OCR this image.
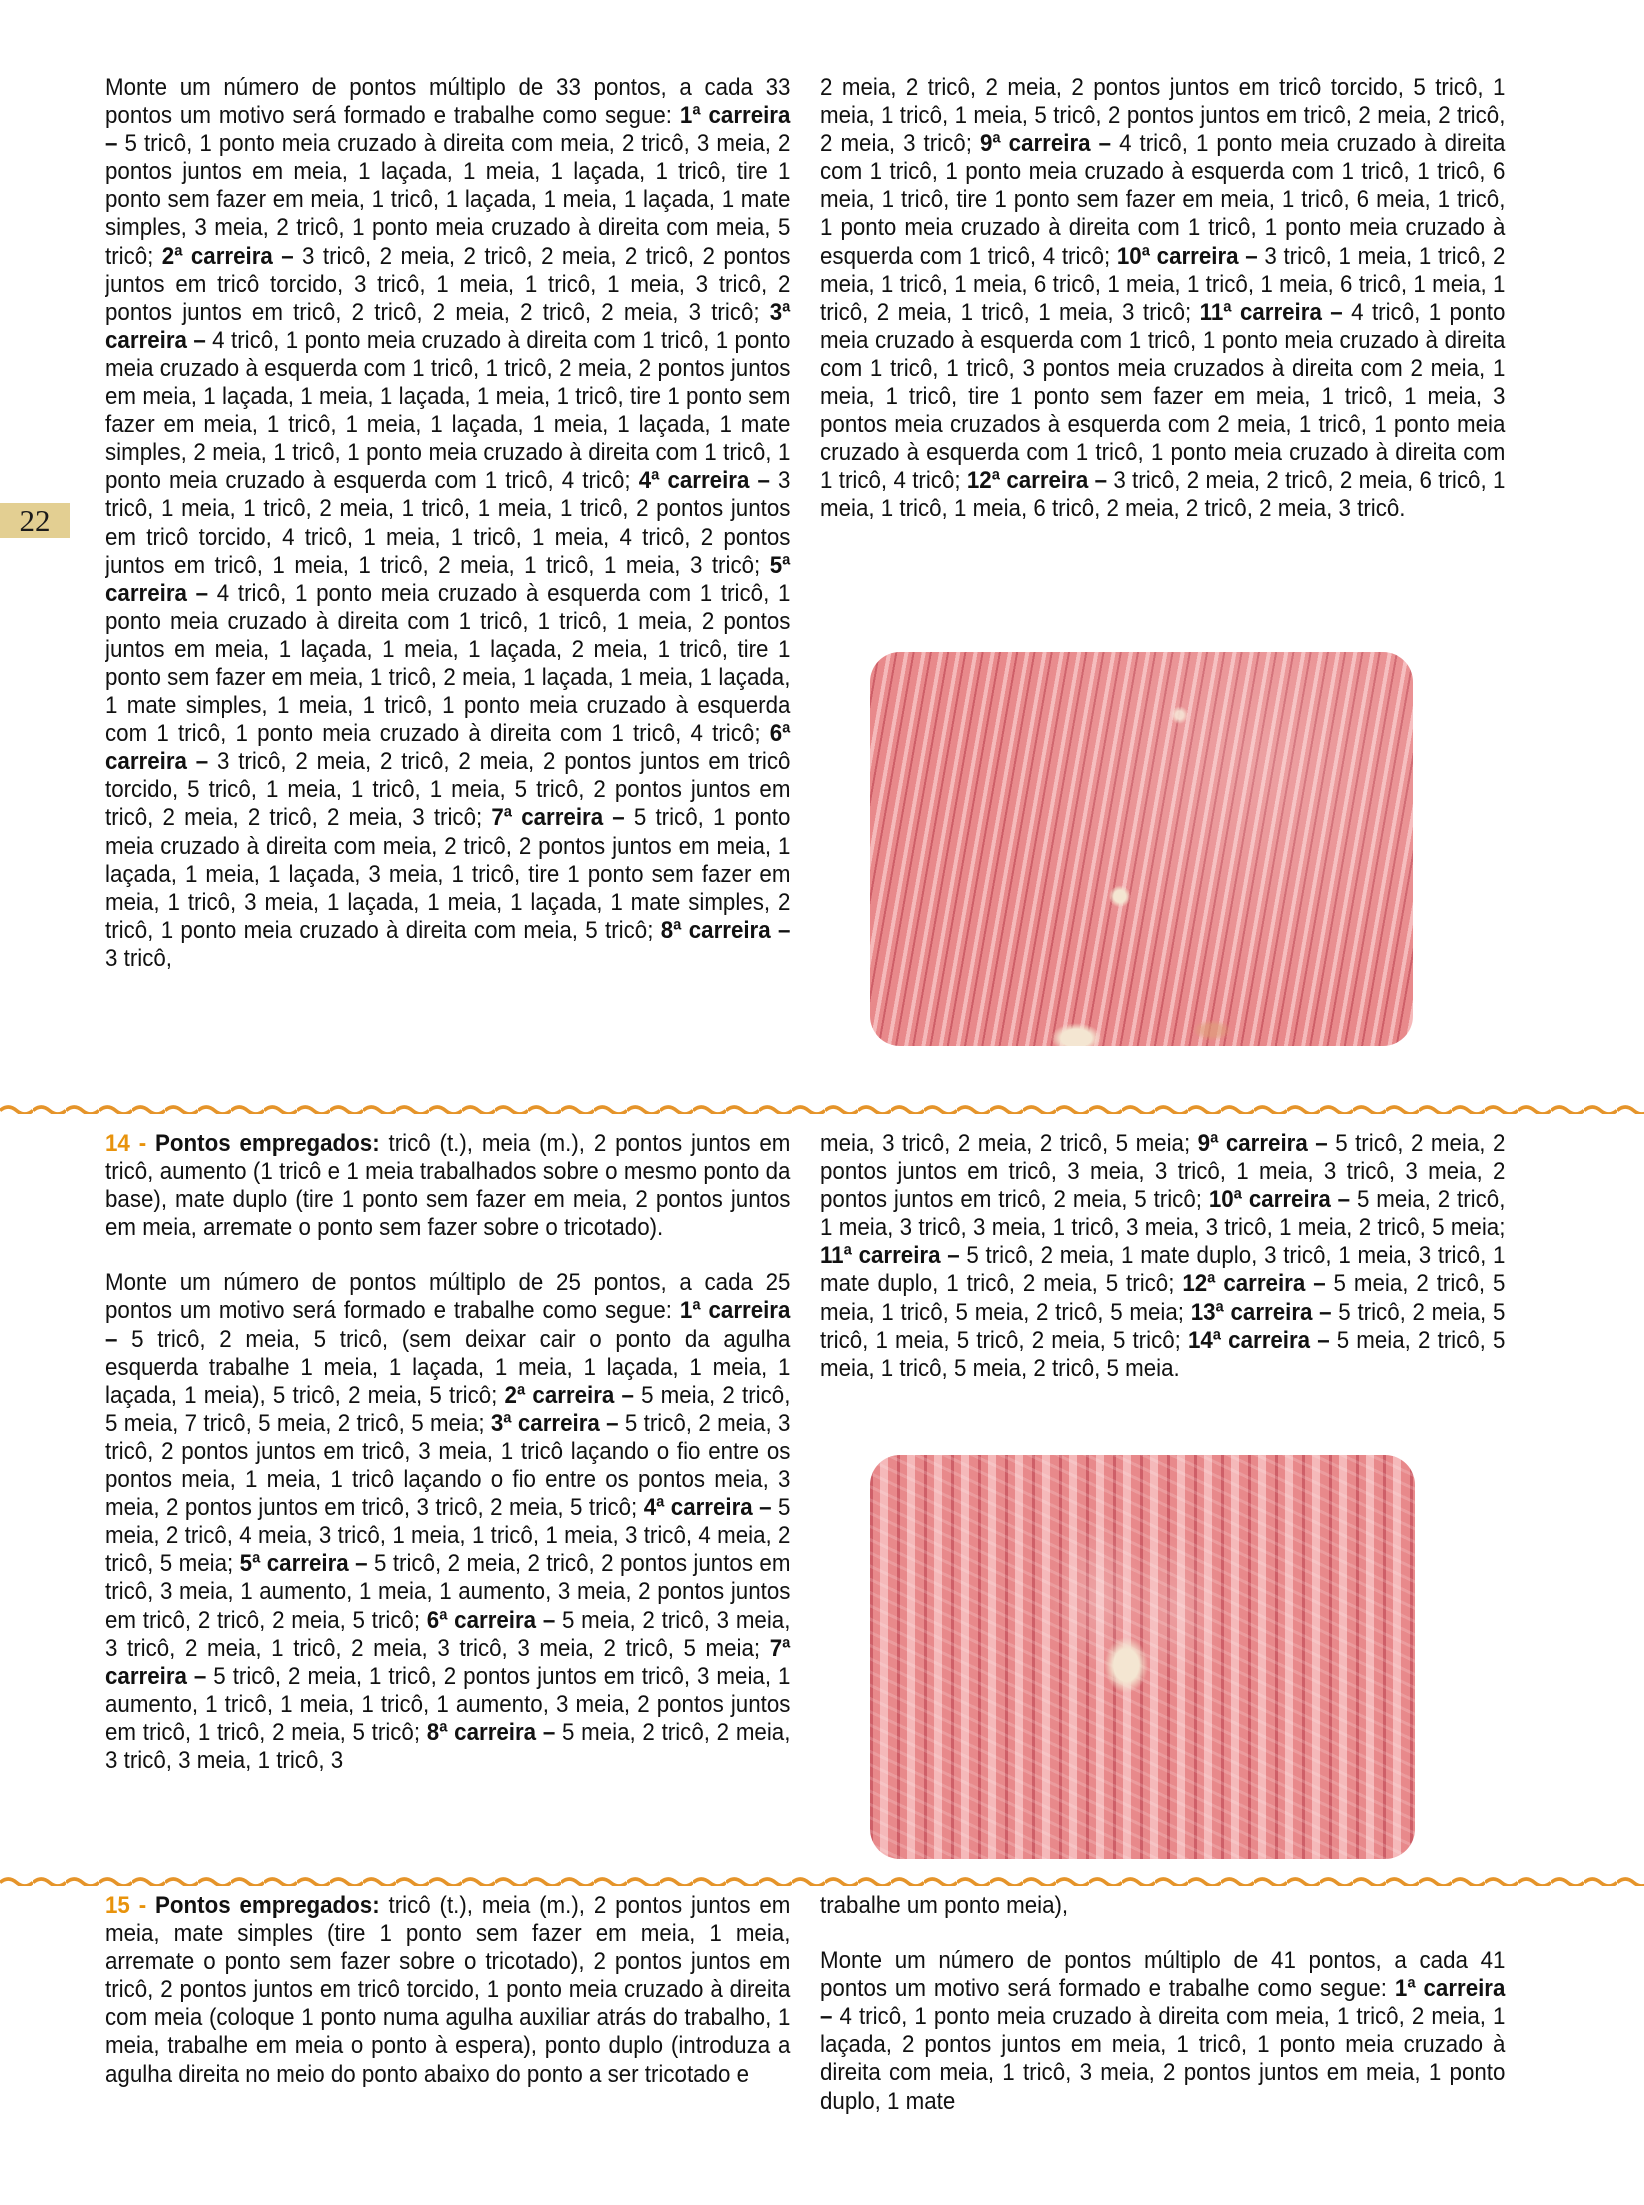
22

Monte um número de pontos múltiplo de 33 pontos, a cada 33 pontos um motivo será formado e trabalhe como segue: 1ª carreira – 5 tricô, 1 ponto meia cruzado à direita com meia, 2 tricô, 3 meia, 2 pontos juntos em meia, 1 laçada, 1 meia, 1 laçada, 1 tricô, tire 1 ponto sem fazer em meia, 1 tricô, 1 laçada, 1 meia, 1 laçada, 1 mate simples, 3 meia, 2 tricô, 1 ponto meia cruzado à direita com meia, 5 tricô; 2ª carreira – 3 tricô, 2 meia, 2 tricô, 2 meia, 2 tricô, 2 pontos juntos em tricô torcido, 3 tricô, 1 meia, 1 tricô, 1 meia, 3 tricô, 2 pontos juntos em tricô, 2 tricô, 2 meia, 2 tricô, 2 meia, 3 tricô; 3ª carreira – 4 tricô, 1 ponto meia cruzado à direita com 1 tricô, 1 ponto meia cruzado à esquerda com 1 tricô, 1 tricô, 2 meia, 2 pontos juntos em meia, 1 laçada, 1 meia, 1 laçada, 1 meia, 1 tricô, tire 1 ponto sem fazer em meia, 1 tricô, 1 meia, 1 laçada, 1 meia, 1 laçada, 1 mate simples, 2 meia, 1 tricô, 1 ponto meia cruzado à direita com 1 tricô, 1 ponto meia cruzado à esquerda com 1 tricô, 4 tricô; 4ª carreira – 3 tricô, 1 meia, 1 tricô, 2 meia, 1 tricô, 1 meia, 1 tricô, 2 pontos juntos em tricô torcido, 4 tricô, 1 meia, 1 tricô, 1 meia, 4 tricô, 2 pontos juntos em tricô, 1 meia, 1 tricô, 2 meia, 1 tricô, 1 meia, 3 tricô; 5ª carreira – 4 tricô, 1 ponto meia cruzado à esquerda com 1 tricô, 1 ponto meia cruzado à direita com 1 tricô, 1 tricô, 1 meia, 2 pontos juntos em meia, 1 laçada, 1 meia, 1 laçada, 2 meia, 1 tricô, tire 1 ponto sem fazer em meia, 1 tricô, 2 meia, 1 laçada, 1 meia, 1 laçada, 1 mate simples, 1 meia, 1 tricô, 1 ponto meia cruzado à esquerda com 1 tricô, 1 ponto meia cruzado à direita com 1 tricô, 4 tricô; 6ª carreira – 3 tricô, 2 meia, 2 tricô, 2 meia, 2 pontos juntos em tricô torcido, 5 tricô, 1 meia, 1 tricô, 1 meia, 5 tricô, 2 pontos juntos em tricô, 2 meia, 2 tricô, 2 meia, 3 tricô; 7ª carreira – 5 tricô, 1 ponto meia cruzado à direita com meia, 2 tricô, 2 pontos juntos em meia, 1 laçada, 1 meia, 1 laçada, 3 meia, 1 tricô, tire 1 ponto sem fazer em meia, 1 tricô, 3 meia, 1 laçada, 1 meia, 1 laçada, 1 mate simples, 2 tricô, 1 ponto meia cruzado à direita com meia, 5 tricô; 8ª carreira – 3 tricô,

2 meia, 2 tricô, 2 meia, 2 pontos juntos em tricô torcido, 5 tricô, 1 meia, 1 tricô, 1 meia, 5 tricô, 2 pontos juntos em tricô, 2 meia, 2 tricô, 2 meia, 3 tricô; 9ª carreira – 4 tricô, 1 ponto meia cruzado à direita com 1 tricô, 1 ponto meia cruzado à esquerda com 1 tricô, 1 tricô, 6 meia, 1 tricô, tire 1 ponto sem fazer em meia, 1 tricô, 6 meia, 1 tricô, 1 ponto meia cruzado à direita com 1 tricô, 1 ponto meia cruzado à esquerda com 1 tricô, 4 tricô; 10ª carreira – 3 tricô, 1 meia, 1 tricô, 2 meia, 1 tricô, 1 meia, 6 tricô, 1 meia, 1 tricô, 1 meia, 6 tricô, 1 meia, 1 tricô, 2 meia, 1 tricô, 1 meia, 3 tricô; 11ª carreira – 4 tricô, 1 ponto meia cruzado à esquerda com 1 tricô, 1 ponto meia cruzado à direita com 1 tricô, 1 tricô, 3 pontos meia cruzados à direita com 2 meia, 1 meia, 1 tricô, tire 1 ponto sem fazer em meia, 1 tricô, 1 meia, 3 pontos meia cruzados à esquerda com 2 meia, 1 tricô, 1 ponto meia cruzado à esquerda com 1 tricô, 1 ponto meia cruzado à direita com 1 tricô, 4 tricô; 12ª carreira – 3 tricô, 2 meia, 2 tricô, 2 meia, 6 tricô, 1 meia, 1 tricô, 1 meia, 6 tricô, 2 meia, 2 tricô, 2 meia, 3 tricô.

14 - Pontos empregados: tricô (t.), meia (m.), 2 pontos juntos em tricô, aumento (1 tricô e 1 meia trabalhados sobre o mesmo ponto da base), mate duplo (tire 1 ponto sem fazer em meia, 2 pontos juntos em meia, arremate o ponto sem fazer sobre o tricotado).

Monte um número de pontos múltiplo de 25 pontos, a cada 25 pontos um motivo será formado e trabalhe como segue: 1ª carreira – 5 tricô, 2 meia, 5 tricô, (sem deixar cair o ponto da agulha esquerda trabalhe 1 meia, 1 laçada, 1 meia, 1 laçada, 1 meia, 1 laçada, 1 meia), 5 tricô, 2 meia, 5 tricô; 2ª carreira – 5 meia, 2 tricô, 5 meia, 7 tricô, 5 meia, 2 tricô, 5 meia; 3ª carreira – 5 tricô, 2 meia, 3 tricô, 2 pontos juntos em tricô, 3 meia, 1 tricô laçando o fio entre os pontos meia, 1 meia, 1 tricô laçando o fio entre os pontos meia, 3 meia, 2 pontos juntos em tricô, 3 tricô, 2 meia, 5 tricô; 4ª carreira – 5 meia, 2 tricô, 4 meia, 3 tricô, 1 meia, 1 tricô, 1 meia, 3 tricô, 4 meia, 2 tricô, 5 meia; 5ª carreira – 5 tricô, 2 meia, 2 tricô, 2 pontos juntos em tricô, 3 meia, 1 aumento, 1 meia, 1 aumento, 3 meia, 2 pontos juntos em tricô, 2 tricô, 2 meia, 5 tricô; 6ª carreira – 5 meia, 2 tricô, 3 meia, 3 tricô, 2 meia, 1 tricô, 2 meia, 3 tricô, 3 meia, 2 tricô, 5 meia; 7ª carreira – 5 tricô, 2 meia, 1 tricô, 2 pontos juntos em tricô, 3 meia, 1 aumento, 1 tricô, 1 meia, 1 tricô, 1 aumento, 3 meia, 2 pontos juntos em tricô, 1 tricô, 2 meia, 5 tricô; 8ª carreira – 5 meia, 2 tricô, 2 meia, 3 tricô, 3 meia, 1 tricô, 3

meia, 3 tricô, 2 meia, 2 tricô, 5 meia; 9ª carreira – 5 tricô, 2 meia, 2 pontos juntos em tricô, 3 meia, 3 tricô, 1 meia, 3 tricô, 3 meia, 2 pontos juntos em tricô, 2 meia, 5 tricô; 10ª carreira – 5 meia, 2 tricô, 1 meia, 3 tricô, 3 meia, 1 tricô, 3 meia, 3 tricô, 1 meia, 2 tricô, 5 meia; 11ª carreira – 5 tricô, 2 meia, 1 mate duplo, 3 tricô, 1 meia, 3 tricô, 1 mate duplo, 1 tricô, 2 meia, 5 tricô; 12ª carreira – 5 meia, 2 tricô, 5 meia, 1 tricô, 5 meia, 2 tricô, 5 meia; 13ª carreira – 5 tricô, 2 meia, 5 tricô, 1 meia, 5 tricô, 2 meia, 5 tricô; 14ª carreira – 5 meia, 2 tricô, 5 meia, 1 tricô, 5 meia, 2 tricô, 5 meia.

15 - Pontos empregados: tricô (t.), meia (m.), 2 pontos juntos em meia, mate simples (tire 1 ponto sem fazer em meia, 1 meia, arremate o ponto sem fazer sobre o tricotado), 2 pontos juntos em tricô, 2 pontos juntos em tricô torcido, 1 ponto meia cruzado à direita com meia (coloque 1 ponto numa agulha auxiliar atrás do trabalho, 1 meia, trabalhe em meia o ponto à espera), ponto duplo (introduza a agulha direita no meio do ponto abaixo do ponto a ser tricotado e

trabalhe um ponto meia),

Monte um número de pontos múltiplo de 41 pontos, a cada 41 pontos um motivo será formado e trabalhe como segue: 1ª carreira – 4 tricô, 1 ponto meia cruzado à direita com meia, 1 tricô, 2 meia, 1 laçada, 2 pontos juntos em meia, 1 tricô, 1 ponto meia cruzado à direita com meia, 1 tricô, 3 meia, 2 pontos juntos em meia, 1 ponto duplo, 1 mate
